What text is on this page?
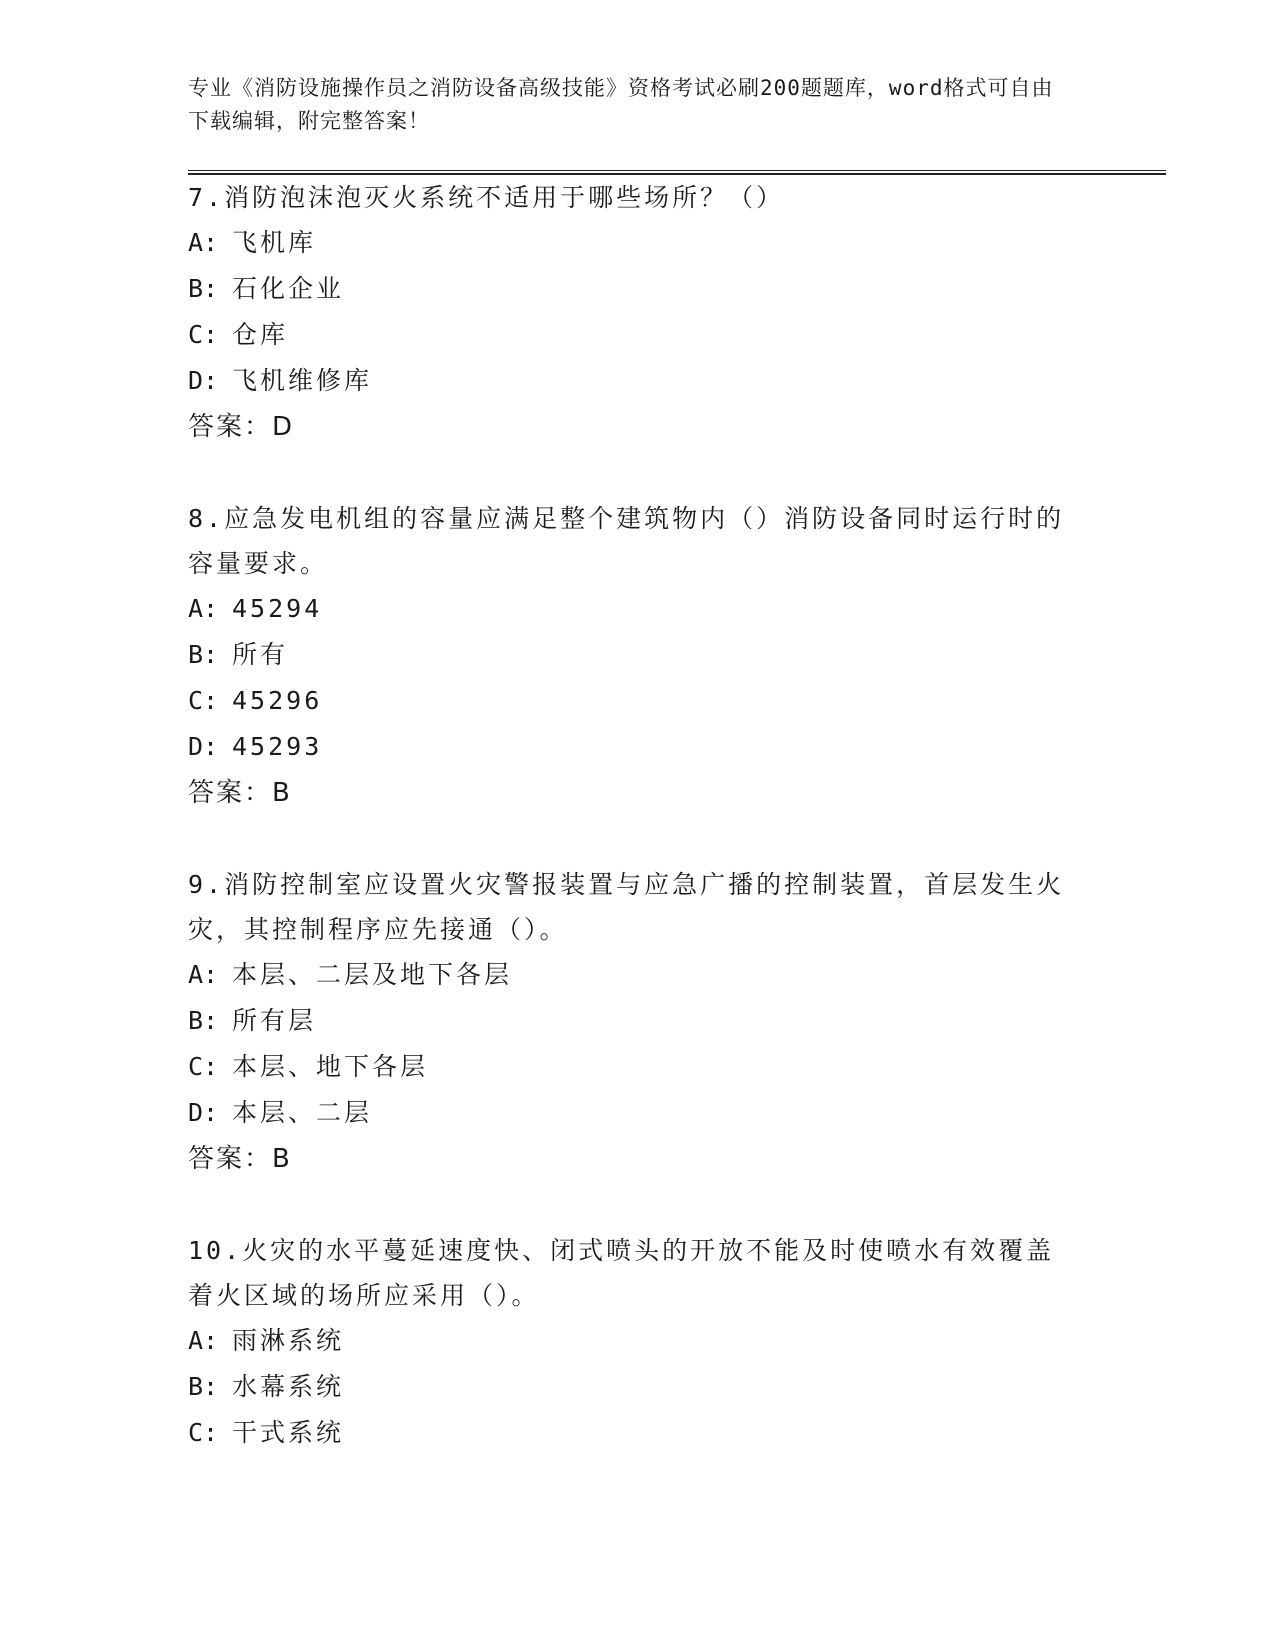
专业《消防设施操作员之消防设备高级技能》资格考试必刷200题题库，word格式可自由下载编辑，附完整答案！

7.消防泡沫泡灭火系统不适用于哪些场所？（）

A: 飞机库

B: 石化企业

C: 仓库

D: 飞机维修库

答案：D

8.应急发电机组的容量应满足整个建筑物内（）消防设备同时运行时的容量要求。

A: 45294

B: 所有

C: 45296

D: 45293

答案：B

9.消防控制室应设置火灾警报装置与应急广播的控制装置，首层发生火灾，其控制程序应先接通（）。

A: 本层、二层及地下各层

B: 所有层

C: 本层、地下各层

D: 本层、二层

答案：B

10.火灾的水平蔓延速度快、闭式喷头的开放不能及时使喷水有效覆盖着火区域的场所应采用（）。

A: 雨淋系统

B: 水幕系统

C: 干式系统
